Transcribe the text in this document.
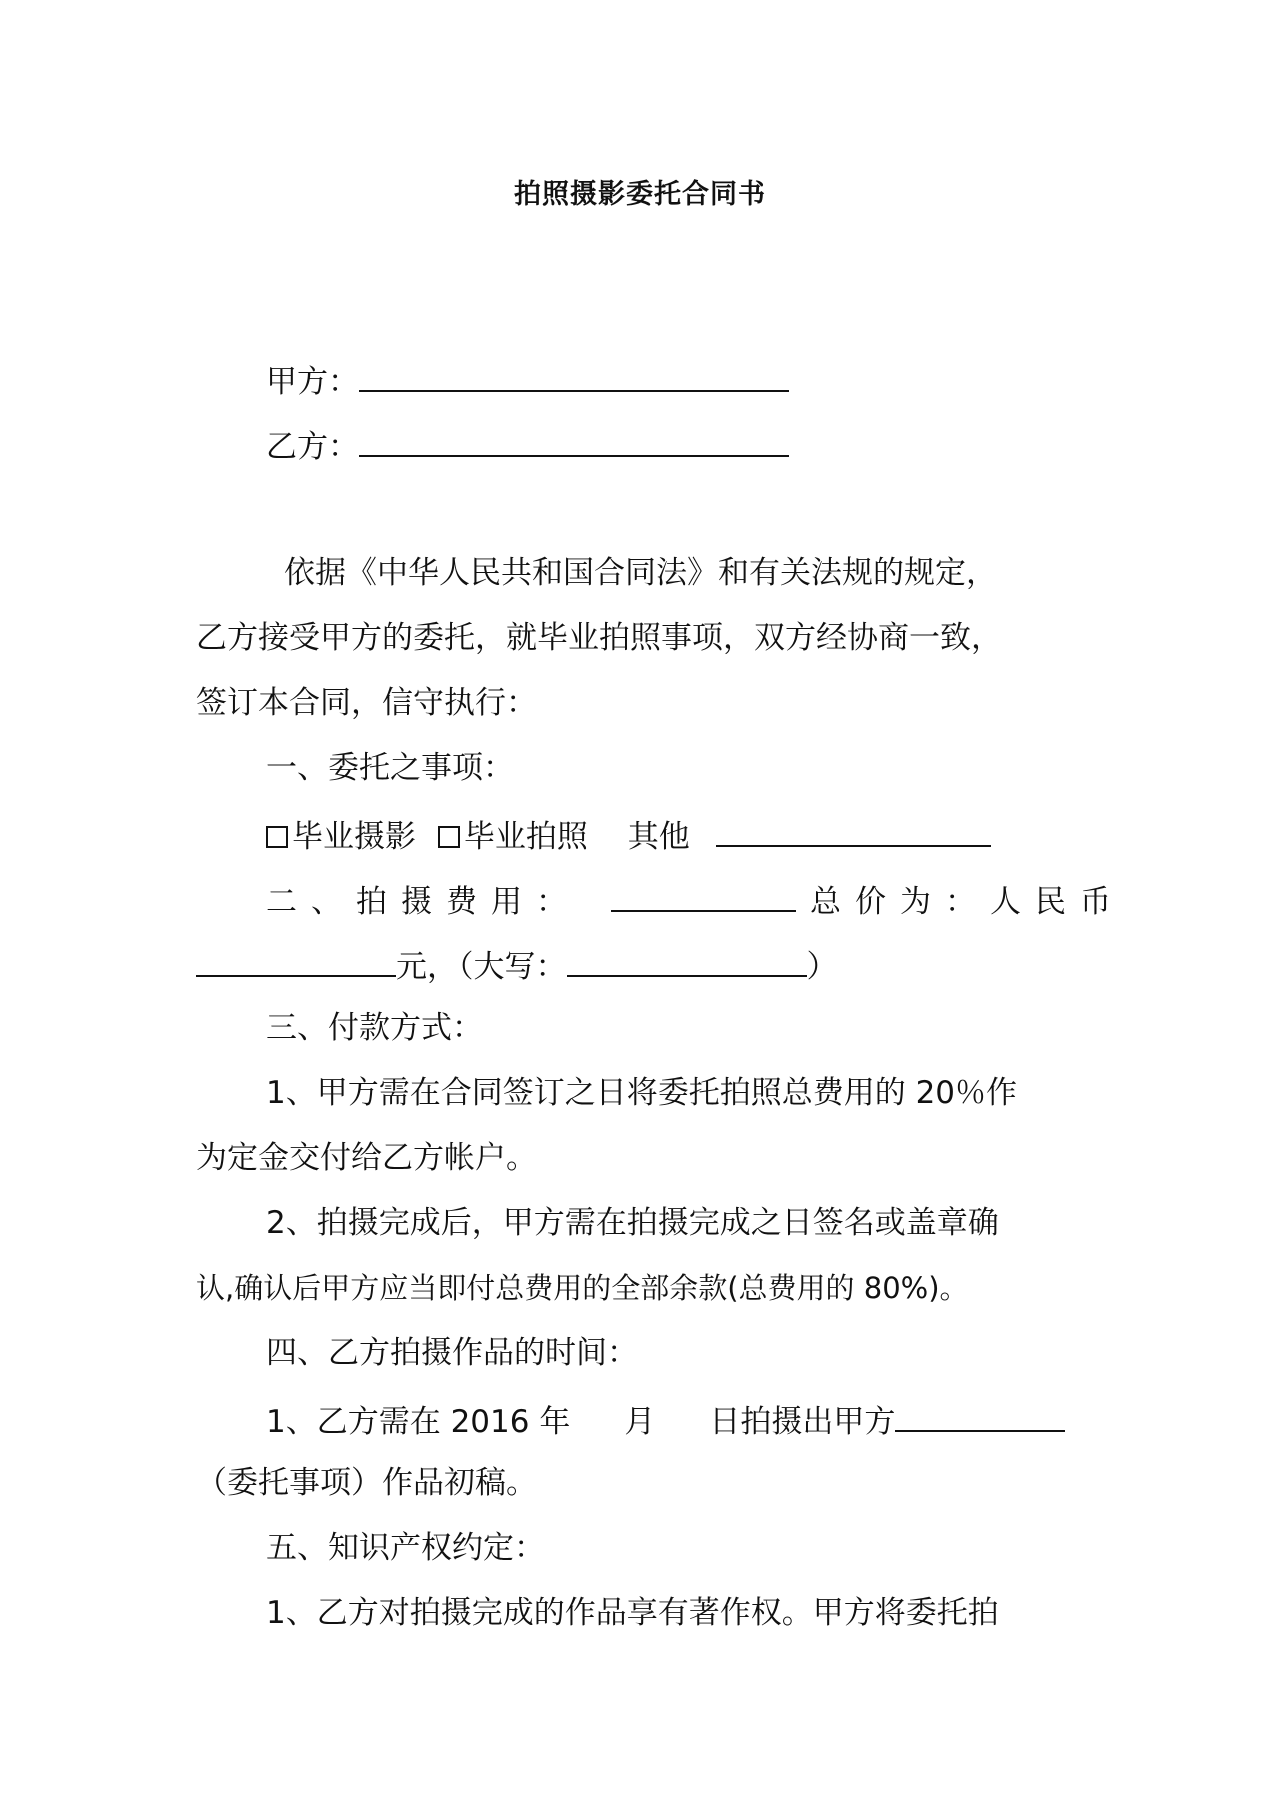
拍照摄影委托合同书
甲方：
乙方：
依据《中华人民共和国合同法》和有关法规的规定，
乙方接受甲方的委托，就毕业拍照事项，双方经协商一致，
签订本合同，信守执行：
一、委托之事项：
毕业摄影 毕业拍照 其他
二、拍摄费用：	总价为：人民币
元，（大写：	）
三、付款方式：
1、甲方需在合同签订之日将委托拍照总费用的 20％作
为定金交付给乙方帐户。
2、拍摄完成后，甲方需在拍摄完成之日签名或盖章确
认,确认后甲方应当即付总费用的全部余款(总费用的 80%)。
四、乙方拍摄作品的时间：
1、乙方需在 2016 年 月 日拍摄出甲方
（委托事项）作品初稿。
五、知识产权约定：
1、乙方对拍摄完成的作品享有著作权。甲方将委托拍
